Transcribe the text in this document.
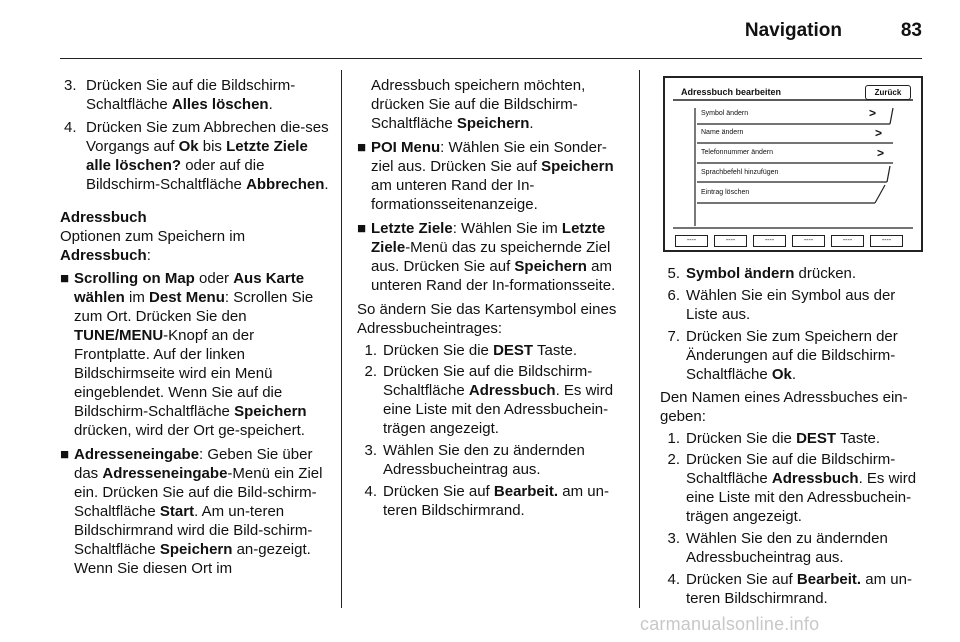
Navigation	83
3. Drücken Sie auf die Bildschirm-Schaltfläche Alles löschen.
4. Drücken Sie zum Abbrechen die-ses Vorgangs auf Ok bis Letzte Ziele alle löschen? oder auf die Bildschirm-Schaltfläche Abbrechen.

Adressbuch

Optionen zum Speichern im Adressbuch:

■ Scrolling on Map oder Aus Karte wählen im Dest Menu: Scrollen Sie zum Ort. Drücken Sie den TUNE/MENU-Knopf an der Frontplatte. Auf der linken Bildschirmseite wird ein Menü eingeblendet. Wenn Sie auf die Bildschirm-Schaltfläche Speichern drücken, wird der Ort ge-speichert.
■ Adresseneingabe: Geben Sie über das Adresseneingabe-Menü ein Ziel ein. Drücken Sie auf die Bild-schirm-Schaltfläche Start. Am un-teren Bildschirmrand wird die Bild-schirm-Schaltfläche Speichern an-gezeigt. Wenn Sie diesen Ort im

Adressbuch speichern möchten, drücken Sie auf die Bildschirm-Schaltfläche Speichern.

■ POI Menu: Wählen Sie ein Sonder-ziel aus. Drücken Sie auf Speichern am unteren Rand der In-formationsseitenanzeige.
■ Letzte Ziele: Wählen Sie im Letzte Ziele-Menü das zu speichernde Ziel aus. Drücken Sie auf Speichern am unteren Rand der In-formationsseite.

So ändern Sie das Kartensymbol eines Adressbucheintrages:

1. Drücken Sie die DEST Taste.
2. Drücken Sie auf die Bildschirm-Schaltfläche Adressbuch. Es wird eine Liste mit den Adressbuchein-trägen angezeigt.
3. Wählen Sie den zu ändernden Adressbucheintrag aus.
4. Drücken Sie auf Bearbeit. am un-teren Bildschirmrand.
Adressbuch bearbeiten	Zurück
Symbol ändern	>
Name ändern	>
Telefonnummer ändern	>
Sprachbefehl hinzufügen
Eintrag löschen
----	----	----	----	----	----
5. Symbol ändern drücken.
6. Wählen Sie ein Symbol aus der Liste aus.
7. Drücken Sie zum Speichern der Änderungen auf die Bildschirm-Schaltfläche Ok.

Den Namen eines Adressbuches ein-geben:

1. Drücken Sie die DEST Taste.
2. Drücken Sie auf die Bildschirm-Schaltfläche Adressbuch. Es wird eine Liste mit den Adressbuchein-trägen angezeigt.
3. Wählen Sie den zu ändernden Adressbucheintrag aus.
4. Drücken Sie auf Bearbeit. am un-teren Bildschirmrand.
carmanualsonline.info
